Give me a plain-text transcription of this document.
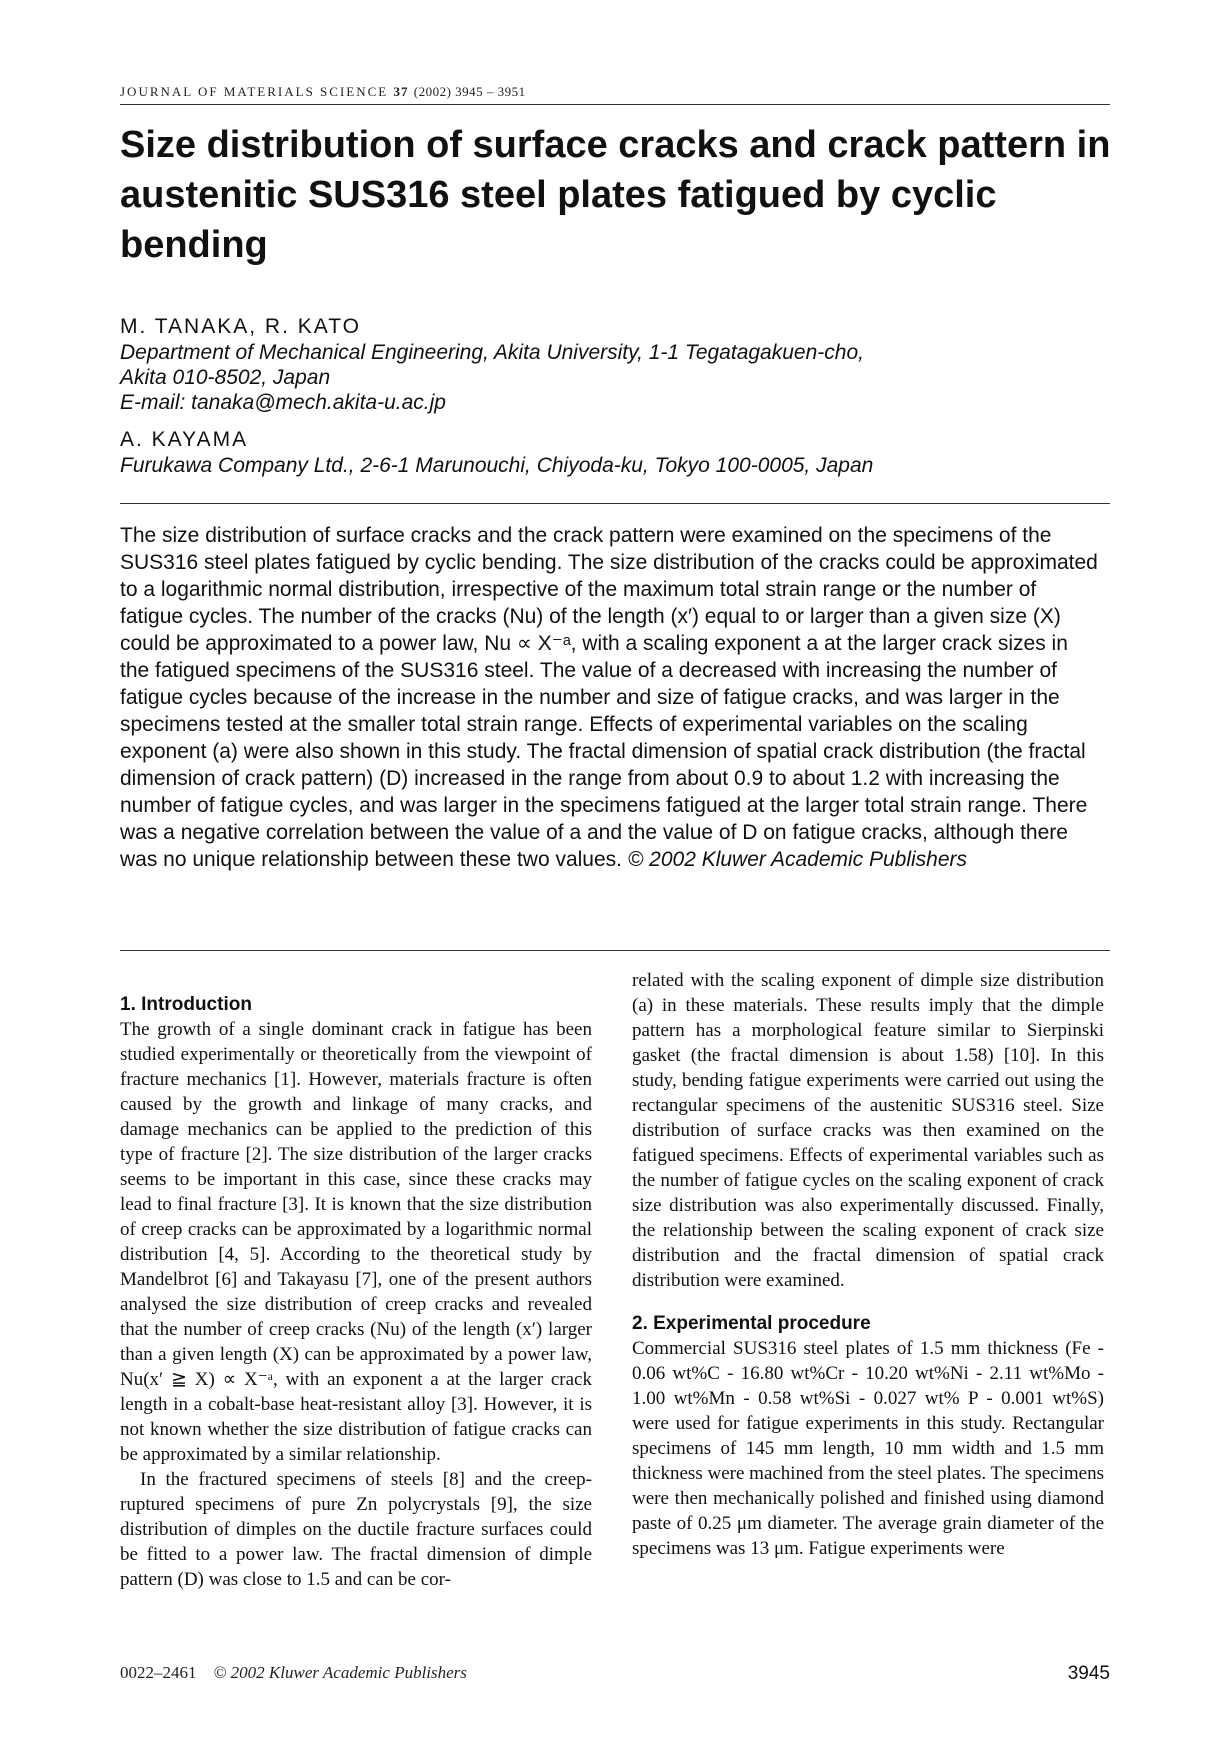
JOURNAL OF MATERIALS SCIENCE 37 (2002) 3945 – 3951
Size distribution of surface cracks and crack pattern in austenitic SUS316 steel plates fatigued by cyclic bending
M. TANAKA, R. KATO
Department of Mechanical Engineering, Akita University, 1-1 Tegatagakuen-cho,
Akita 010-8502, Japan
E-mail: tanaka@mech.akita-u.ac.jp
A. KAYAMA
Furukawa Company Ltd., 2-6-1 Marunouchi, Chiyoda-ku, Tokyo 100-0005, Japan

The size distribution of surface cracks and the crack pattern were examined on the specimens of the SUS316 steel plates fatigued by cyclic bending. The size distribution of the cracks could be approximated to a logarithmic normal distribution, irrespective of the maximum total strain range or the number of fatigue cycles. The number of the cracks (Nu) of the length (x′) equal to or larger than a given size (X) could be approximated to a power law, Nu ∝ X⁻ᵃ, with a scaling exponent a at the larger crack sizes in the fatigued specimens of the SUS316 steel. The value of a decreased with increasing the number of fatigue cycles because of the increase in the number and size of fatigue cracks, and was larger in the specimens tested at the smaller total strain range. Effects of experimental variables on the scaling exponent (a) were also shown in this study. The fractal dimension of spatial crack distribution (the fractal dimension of crack pattern) (D) increased in the range from about 0.9 to about 1.2 with increasing the number of fatigue cycles, and was larger in the specimens fatigued at the larger total strain range. There was a negative correlation between the value of a and the value of D on fatigue cracks, although there was no unique relationship between these two values. © 2002 Kluwer Academic Publishers

1. Introduction

The growth of a single dominant crack in fatigue has been studied experimentally or theoretically from the viewpoint of fracture mechanics [1]. However, materials fracture is often caused by the growth and linkage of many cracks, and damage mechanics can be applied to the prediction of this type of fracture [2]. The size distribution of the larger cracks seems to be important in this case, since these cracks may lead to final fracture [3]. It is known that the size distribution of creep cracks can be approximated by a logarithmic normal distribution [4, 5]. According to the theoretical study by Mandelbrot [6] and Takayasu [7], one of the present authors analysed the size distribution of creep cracks and revealed that the number of creep cracks (Nu) of the length (x′) larger than a given length (X) can be approximated by a power law, Nu(x′ ≧ X) ∝ X⁻ᵃ, with an exponent a at the larger crack length in a cobalt-base heat-resistant alloy [3]. However, it is not known whether the size distribution of fatigue cracks can be approximated by a similar relationship.

In the fractured specimens of steels [8] and the creep-ruptured specimens of pure Zn polycrystals [9], the size distribution of dimples on the ductile fracture surfaces could be fitted to a power law. The fractal dimension of dimple pattern (D) was close to 1.5 and can be cor-

related with the scaling exponent of dimple size distribution (a) in these materials. These results imply that the dimple pattern has a morphological feature similar to Sierpinski gasket (the fractal dimension is about 1.58) [10]. In this study, bending fatigue experiments were carried out using the rectangular specimens of the austenitic SUS316 steel. Size distribution of surface cracks was then examined on the fatigued specimens. Effects of experimental variables such as the number of fatigue cycles on the scaling exponent of crack size distribution was also experimentally discussed. Finally, the relationship between the scaling exponent of crack size distribution and the fractal dimension of spatial crack distribution were examined.

2. Experimental procedure

Commercial SUS316 steel plates of 1.5 mm thickness (Fe - 0.06 wt%C - 16.80 wt%Cr - 10.20 wt%Ni - 2.11 wt%Mo - 1.00 wt%Mn - 0.58 wt%Si - 0.027 wt% P - 0.001 wt%S) were used for fatigue experiments in this study. Rectangular specimens of 145 mm length, 10 mm width and 1.5 mm thickness were machined from the steel plates. The specimens were then mechanically polished and finished using diamond paste of 0.25 μm diameter. The average grain diameter of the specimens was 13 μm. Fatigue experiments were

0022–2461 © 2002 Kluwer Academic Publishers	3945
